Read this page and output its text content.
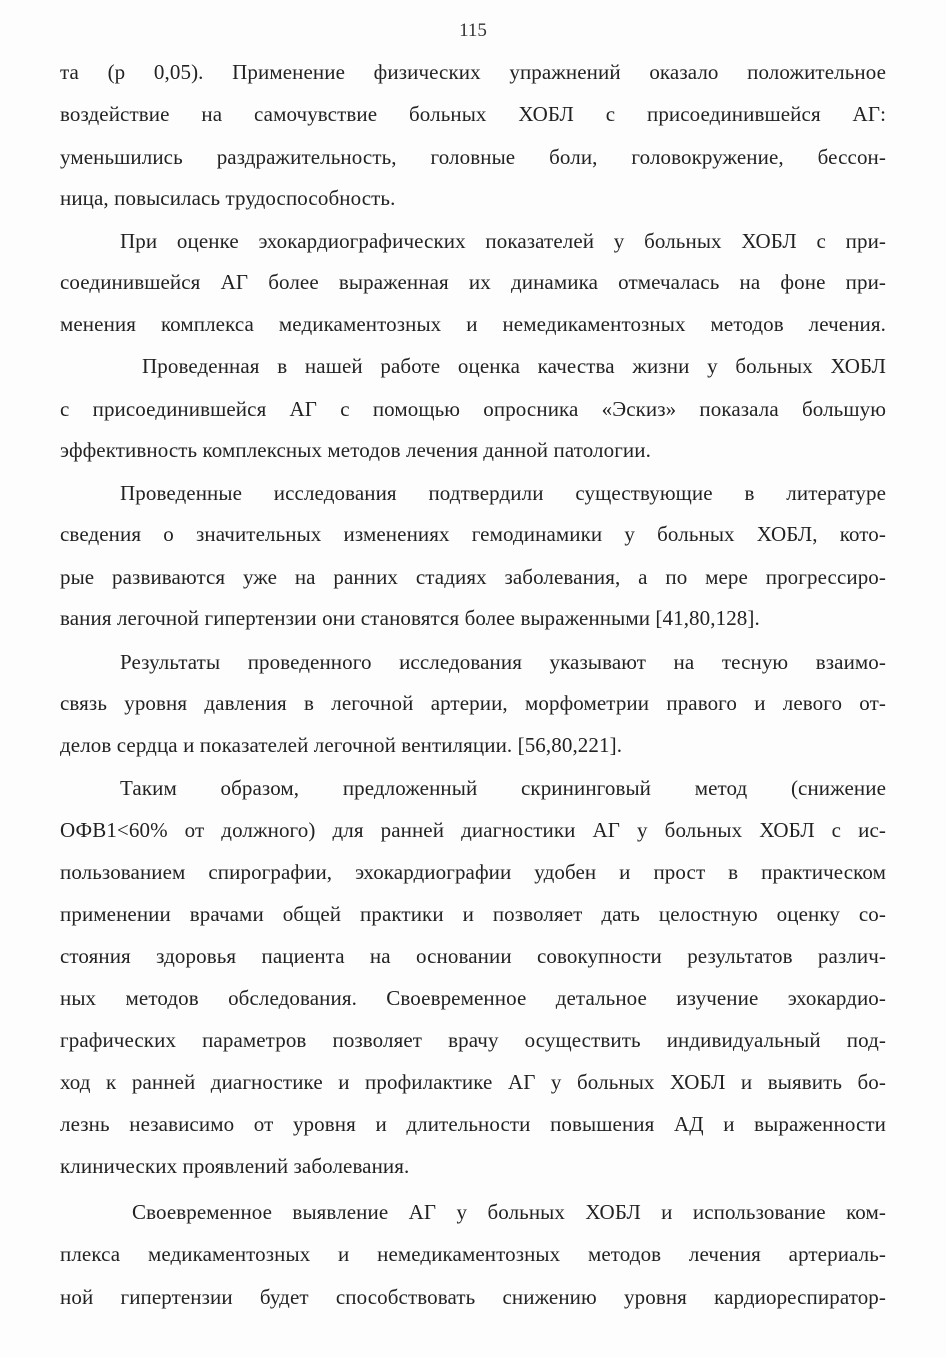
115
та (р 0,05). Применение физических упражнений оказало положительное
воздействие на самочувствие больных ХОБЛ с присоединившейся АГ:
уменьшились раздражительность, головные боли, головокружение, бессон-
ница, повысилась трудоспособность.
При оценке эхокардиографических показателей у больных ХОБЛ с при-
соединившейся АГ более выраженная их динамика отмечалась на фоне при-
менения комплекса медикаментозных и немедикаментозных методов лечения.
Проведенная в нашей работе оценка качества жизни у больных ХОБЛ
с присоединившейся АГ с помощью опросника «Эскиз» показала большую
эффективность комплексных методов лечения данной патологии.
Проведенные исследования подтвердили существующие в литературе
сведения о значительных изменениях гемодинамики у больных ХОБЛ, кото-
рые развиваются уже на ранних стадиях заболевания, а по мере прогрессиро-
вания легочной гипертензии они становятся более выраженными [41,80,128].
Результаты проведенного исследования указывают на тесную взаимо-
связь уровня давления в легочной артерии, морфометрии правого и левого от-
делов сердца и показателей легочной вентиляции. [56,80,221].
Таким образом, предложенный скрининговый метод (снижение
ОФВ1<60% от должного) для ранней диагностики АГ у больных ХОБЛ с ис-
пользованием спирографии, эхокардиографии удобен и прост в практическом
применении врачами общей практики и позволяет дать целостную оценку со-
стояния здоровья пациента на основании совокупности результатов различ-
ных методов обследования. Своевременное детальное изучение эхокардио-
графических параметров позволяет врачу осуществить индивидуальный под-
ход к ранней диагностике и профилактике АГ у больных ХОБЛ и выявить бо-
лезнь независимо от уровня и длительности повышения АД и выраженности
клинических проявлений заболевания.
Своевременное выявление АГ у больных ХОБЛ и использование ком-
плекса медикаментозных и немедикаментозных методов лечения артериаль-
ной гипертензии будет способствовать снижению уровня кардиореспиратор-
